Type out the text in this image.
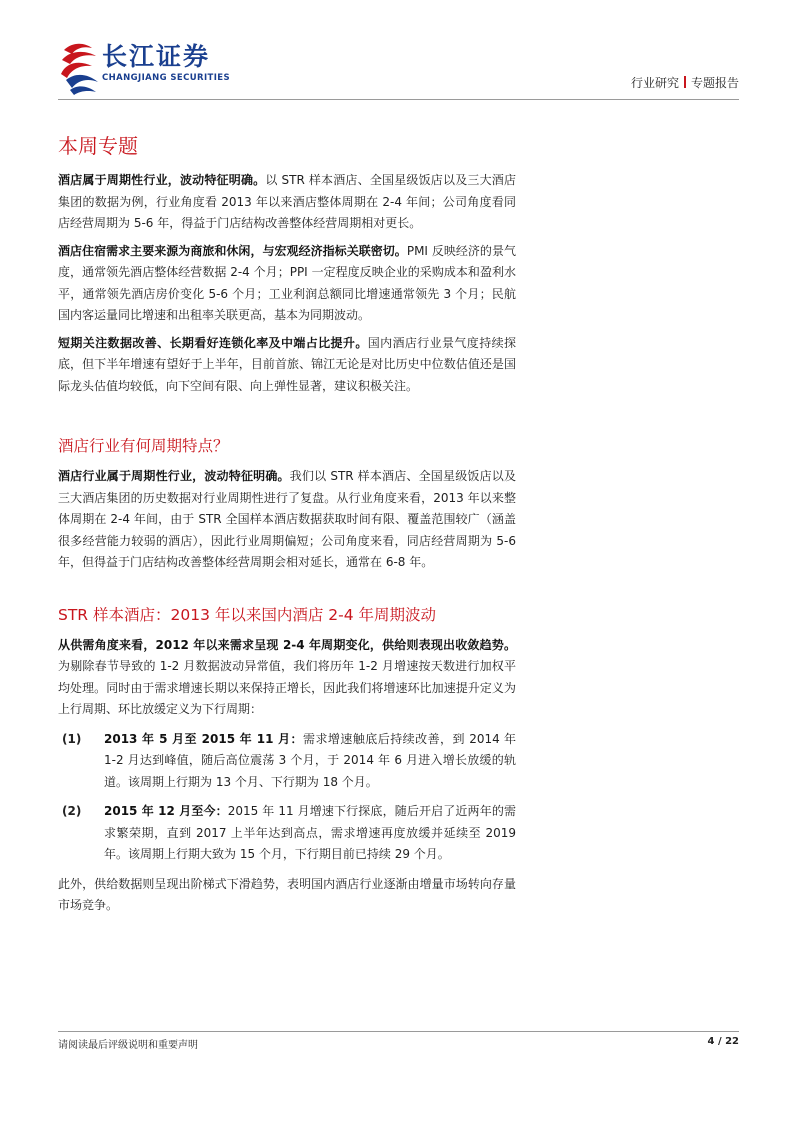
长江证券
CHANGJIANG SECURITIES	行业研究 专题报告
本周专题

酒店属于周期性行业，波动特征明确。以 STR 样本酒店、全国星级饭店以及三大酒店集团的数据为例，行业角度看 2013 年以来酒店整体周期在 2-4 年间；公司角度看同店经营周期为 5-6 年，得益于门店结构改善整体经营周期相对更长。

酒店住宿需求主要来源为商旅和休闲，与宏观经济指标关联密切。PMI 反映经济的景气度，通常领先酒店整体经营数据 2-4 个月；PPI 一定程度反映企业的采购成本和盈利水平，通常领先酒店房价变化 5-6 个月；工业利润总额同比增速通常领先 3 个月；民航国内客运量同比增速和出租率关联更高，基本为同期波动。

短期关注数据改善、长期看好连锁化率及中端占比提升。国内酒店行业景气度持续探底，但下半年增速有望好于上半年，目前首旅、锦江无论是对比历史中位数估值还是国际龙头估值均较低，向下空间有限、向上弹性显著，建议积极关注。

酒店行业有何周期特点？

酒店行业属于周期性行业，波动特征明确。我们以 STR 样本酒店、全国星级饭店以及三大酒店集团的历史数据对行业周期性进行了复盘。从行业角度来看，2013 年以来整体周期在 2-4 年间，由于 STR 全国样本酒店数据获取时间有限、覆盖范围较广（涵盖很多经营能力较弱的酒店），因此行业周期偏短；公司角度来看，同店经营周期为 5-6 年，但得益于门店结构改善整体经营周期会相对延长，通常在 6-8 年。

STR 样本酒店：2013 年以来国内酒店 2-4 年周期波动

从供需角度来看，2012 年以来需求呈现 2-4 年周期变化，供给则表现出收敛趋势。为剔除春节导致的 1-2 月数据波动异常值，我们将历年 1-2 月增速按天数进行加权平均处理。同时由于需求增速长期以来保持正增长，因此我们将增速环比加速提升定义为上行周期、环比放缓定义为下行周期：

(1)	2013 年 5 月至 2015 年 11 月：需求增速触底后持续改善，到 2014 年 1-2 月达到峰值，随后高位震荡 3 个月，于 2014 年 6 月进入增长放缓的轨道。该周期上行期为 13 个月、下行期为 18 个月。

(2)	2015 年 12 月至今：2015 年 11 月增速下行探底，随后开启了近两年的需求繁荣期，直到 2017 上半年达到高点，需求增速再度放缓并延续至 2019 年。该周期上行期大致为 15 个月，下行期目前已持续 29 个月。

此外，供给数据则呈现出阶梯式下滑趋势，表明国内酒店行业逐渐由增量市场转向存量市场竞争。

请阅读最后评级说明和重要声明	4 / 22
